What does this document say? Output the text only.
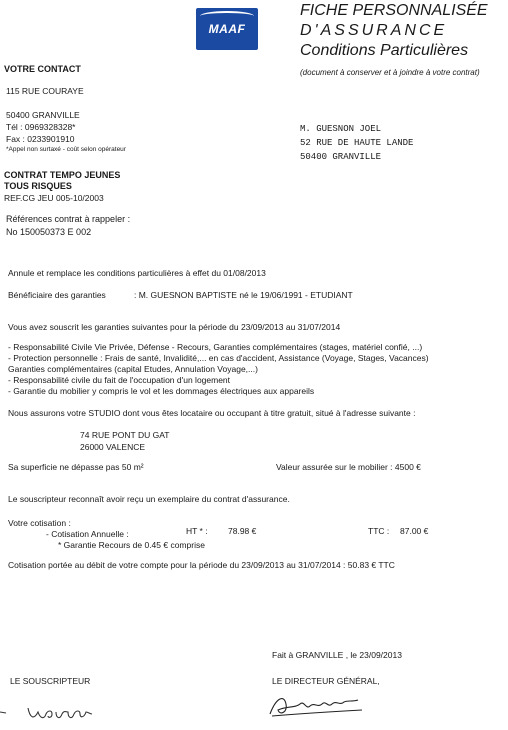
MAAF
FICHE PERSONNALISÉE
D'ASSURANCE
Conditions Particulières
(document à conserver et à joindre à votre contrat)
VOTRE CONTACT
115 RUE COURAYE
50400 GRANVILLE
Tél : 0969328328*
Fax : 0233901910
*Appel non surtaxé - coût selon opérateur
M. GUESNON JOEL
52 RUE DE HAUTE LANDE
50400 GRANVILLE
CONTRAT TEMPO JEUNES
TOUS RISQUES
REF.CG JEU 005-10/2003
Références contrat à rappeler :
No 150050373 E 002
Annule et remplace les conditions particulières à effet du 01/08/2013
Bénéficiaire des garanties	: M. GUESNON BAPTISTE né le 19/06/1991 - ETUDIANT
Vous avez souscrit les garanties suivantes pour la période du 23/09/2013 au 31/07/2014
- Responsabilité Civile Vie Privée, Défense - Recours, Garanties complémentaires (stages, matériel confié, ...)
- Protection personnelle : Frais de santé, Invalidité,... en cas d'accident, Assistance (Voyage, Stages, Vacances)
Garanties complémentaires (capital Etudes, Annulation Voyage,...)
- Responsabilité civile du fait de l'occupation d'un logement
- Garantie du mobilier y compris le vol et les dommages électriques aux appareils
Nous assurons votre STUDIO dont vous êtes locataire ou occupant à titre gratuit, situé à l'adresse suivante :
74 RUE PONT DU GAT
26000 VALENCE
Sa superficie ne dépasse pas 50 m²	Valeur assurée sur le mobilier : 4500 €
Le souscripteur reconnaît avoir reçu un exemplaire du contrat d'assurance.
Votre cotisation :
- Cotisation Annuelle :	HT * : 78.98 €	TTC : 87.00 €
* Garantie Recours de 0.45 € comprise
Cotisation portée au débit de votre compte pour la période du 23/09/2013 au 31/07/2014 : 50.83 € TTC
Fait à GRANVILLE , le 23/09/2013
LE SOUSCRIPTEUR	LE DIRECTEUR GÉNÉRAL,
